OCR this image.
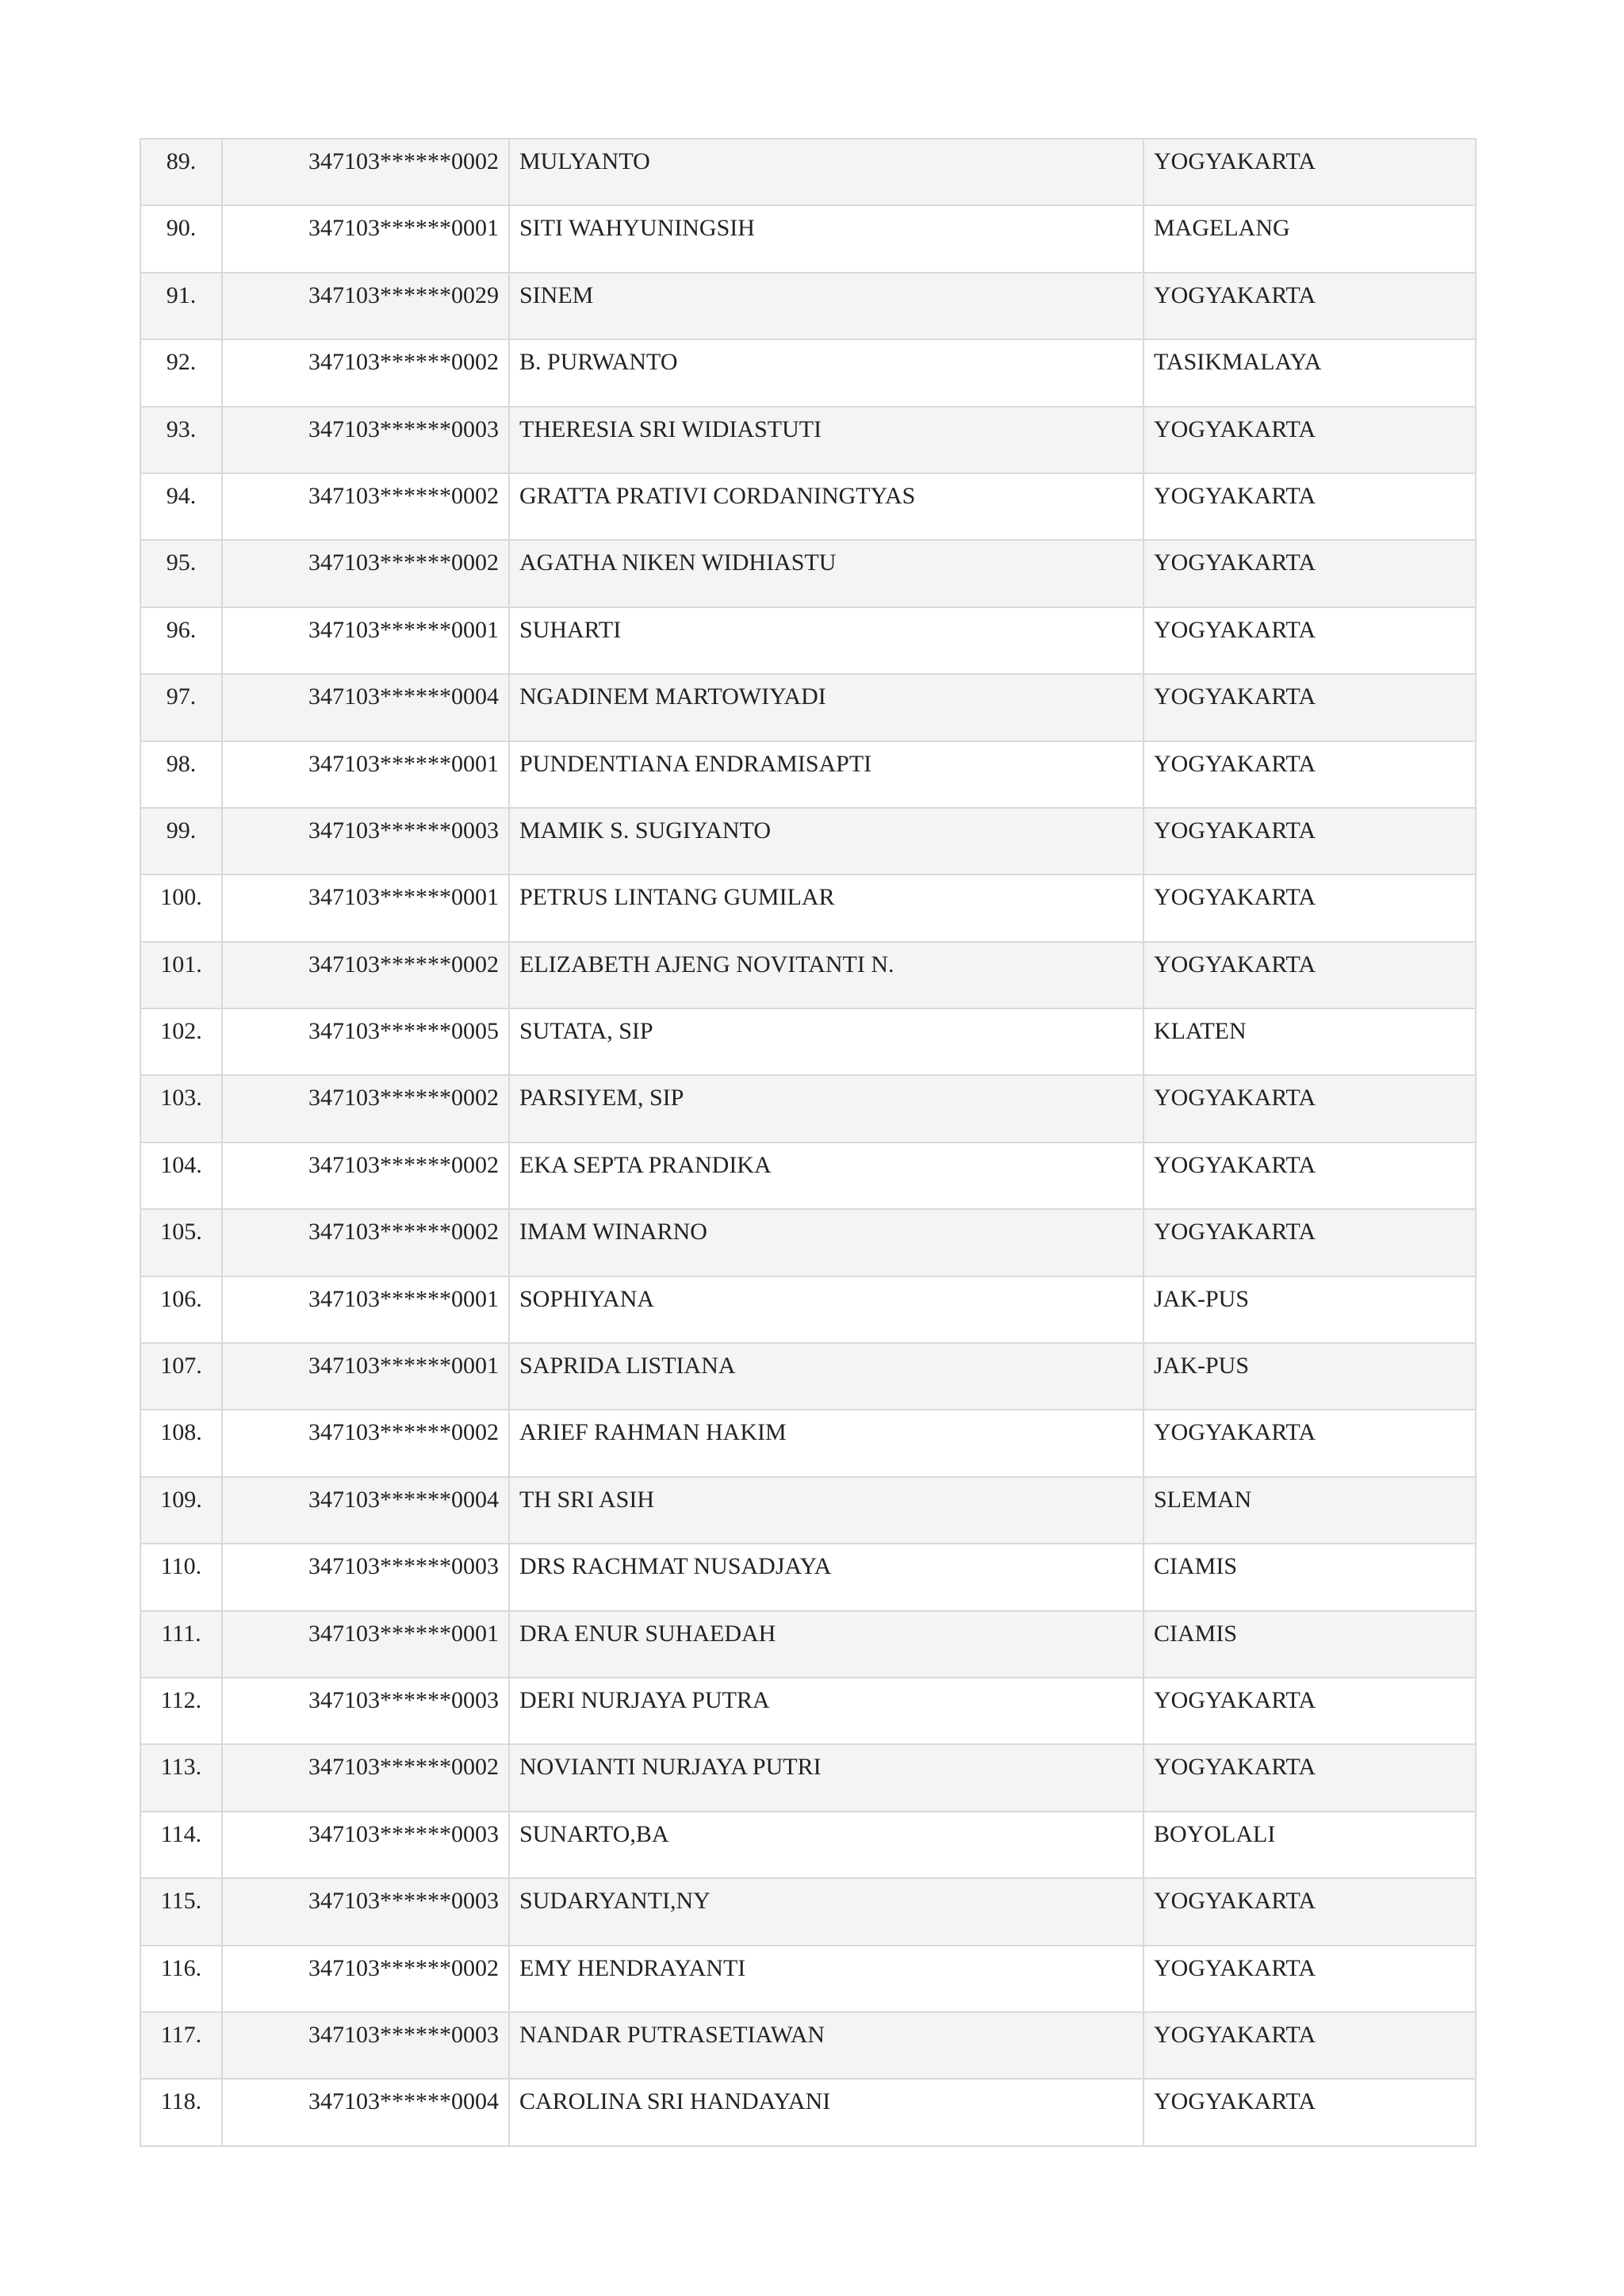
89.	347103******0002	MULYANTO	YOGYAKARTA
90.	347103******0001	SITI WAHYUNINGSIH	MAGELANG
91.	347103******0029	SINEM	YOGYAKARTA
92.	347103******0002	B. PURWANTO	TASIKMALAYA
93.	347103******0003	THERESIA SRI WIDIASTUTI	YOGYAKARTA
94.	347103******0002	GRATTA PRATIVI CORDANINGTYAS	YOGYAKARTA
95.	347103******0002	AGATHA NIKEN WIDHIASTU	YOGYAKARTA
96.	347103******0001	SUHARTI	YOGYAKARTA
97.	347103******0004	NGADINEM MARTOWIYADI	YOGYAKARTA
98.	347103******0001	PUNDENTIANA ENDRAMISAPTI	YOGYAKARTA
99.	347103******0003	MAMIK S. SUGIYANTO	YOGYAKARTA
100.	347103******0001	PETRUS LINTANG GUMILAR	YOGYAKARTA
101.	347103******0002	ELIZABETH AJENG NOVITANTI N.	YOGYAKARTA
102.	347103******0005	SUTATA, SIP	KLATEN
103.	347103******0002	PARSIYEM, SIP	YOGYAKARTA
104.	347103******0002	EKA SEPTA PRANDIKA	YOGYAKARTA
105.	347103******0002	IMAM WINARNO	YOGYAKARTA
106.	347103******0001	SOPHIYANA	JAK-PUS
107.	347103******0001	SAPRIDA LISTIANA	JAK-PUS
108.	347103******0002	ARIEF RAHMAN HAKIM	YOGYAKARTA
109.	347103******0004	TH SRI ASIH	SLEMAN
110.	347103******0003	DRS RACHMAT NUSADJAYA	CIAMIS
111.	347103******0001	DRA ENUR SUHAEDAH	CIAMIS
112.	347103******0003	DERI NURJAYA PUTRA	YOGYAKARTA
113.	347103******0002	NOVIANTI NURJAYA PUTRI	YOGYAKARTA
114.	347103******0003	SUNARTO,BA	BOYOLALI
115.	347103******0003	SUDARYANTI,NY	YOGYAKARTA
116.	347103******0002	EMY HENDRAYANTI	YOGYAKARTA
117.	347103******0003	NANDAR PUTRASETIAWAN	YOGYAKARTA
118.	347103******0004	CAROLINA SRI HANDAYANI	YOGYAKARTA
